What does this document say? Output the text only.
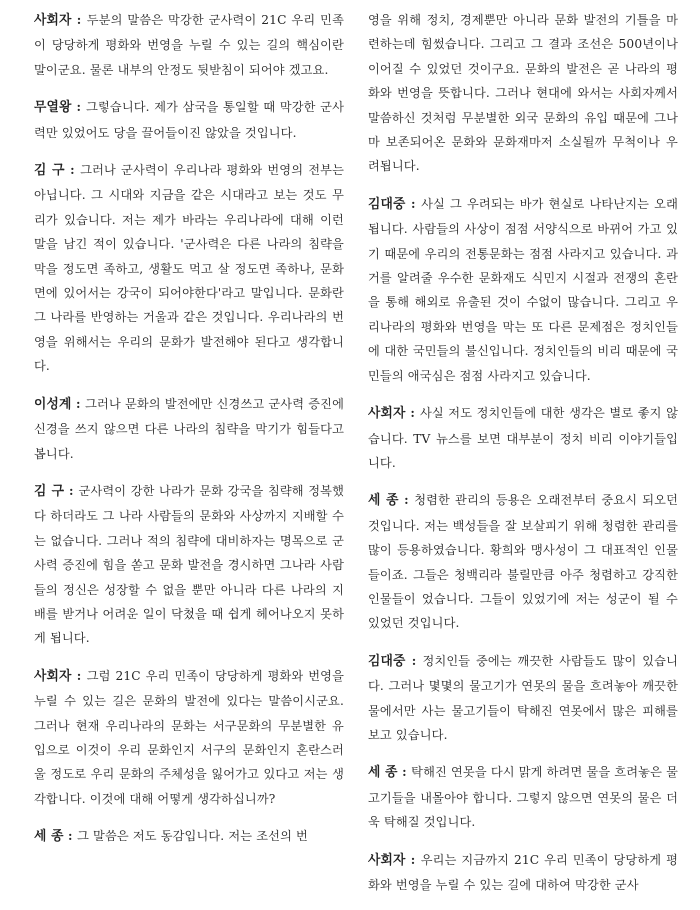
사회자 : 두분의 말씀은 막강한 군사력이 21C 우리 민족이 당당하게 평화와 번영을 누릴 수 있는 길의 핵심이란 말이군요. 물론 내부의 안정도 뒷받침이 되어야 겠고요.

무열왕 : 그렇습니다. 제가 삼국을 통일할 때 막강한 군사력만 있었어도 당을 끌어들이진 않았을 것입니다.

김 구 : 그러나 군사력이 우리나라 평화와 번영의 전부는 아닙니다. 그 시대와 지금을 같은 시대라고 보는 것도 무리가 있습니다. 저는 제가 바라는 우리나라에 대해 이런 말을 남긴 적이 있습니다. '군사력은 다른 나라의 침략을 막을 정도면 족하고, 생활도 먹고 살 정도면 족하나, 문화면에 있어서는 강국이 되어야한다'라고 말입니다. 문화란 그 나라를 반영하는 거울과 같은 것입니다. 우리나라의 번영을 위해서는 우리의 문화가 발전해야 된다고 생각합니다.

이성계 : 그러나 문화의 발전에만 신경쓰고 군사력 증진에 신경을 쓰지 않으면 다른 나라의 침략을 막기가 힘들다고 봅니다.

김 구 : 군사력이 강한 나라가 문화 강국을 침략해 정복했다 하더라도 그 나라 사람들의 문화와 사상까지 지배할 수는 없습니다. 그러나 적의 침략에 대비하자는 명목으로 군사력 증진에 힘을 쏟고 문화 발전을 경시하면 그나라 사람들의 정신은 성장할 수 없을 뿐만 아니라 다른 나라의 지배를 받거나 어려운 일이 닥쳤을 때 쉽게 헤어나오지 못하게 됩니다.

사회자 : 그럼 21C 우리 민족이 당당하게 평화와 번영을 누릴 수 있는 길은 문화의 발전에 있다는 말씀이시군요. 그러나 현재 우리나라의 문화는 서구문화의 무분별한 유입으로 이것이 우리 문화인지 서구의 문화인지 혼란스러울 정도로 우리 문화의 주체성을 잃어가고 있다고 저는 생각합니다. 이것에 대해 어떻게 생각하십니까?

세 종 : 그 말씀은 저도 동감입니다. 저는 조선의 번

영을 위해 정치, 경제뿐만 아니라 문화 발전의 기틀을 마련하는데 힘썼습니다. 그리고 그 결과 조선은 500년이나 이어질 수 있었던 것이구요. 문화의 발전은 곧 나라의 평화와 번영을 뜻합니다. 그러나 현대에 와서는 사회자께서 말씀하신 것처럼 무분별한 외국 문화의 유입 때문에 그나마 보존되어온 문화와 문화재마저 소실될까 무척이나 우려됩니다.

김대중 : 사실 그 우려되는 바가 현실로 나타난지는 오래됩니다. 사람들의 사상이 점점 서양식으로 바뀌어 가고 있기 때문에 우리의 전통문화는 점점 사라지고 있습니다. 과거를 알려줄 우수한 문화재도 식민지 시절과 전쟁의 혼란을 통해 해외로 유출된 것이 수없이 많습니다. 그리고 우리나라의 평화와 번영을 막는 또 다른 문제점은 정치인들에 대한 국민들의 불신입니다. 정치인들의 비리 때문에 국민들의 애국심은 점점 사라지고 있습니다.

사회자 : 사실 저도 정치인들에 대한 생각은 별로 좋지 않습니다. TV 뉴스를 보면 대부분이 정치 비리 이야기들입니다.

세 종 : 청렴한 관리의 등용은 오래전부터 중요시 되오던 것입니다. 저는 백성들을 잘 보살피기 위해 청렴한 관리를 많이 등용하였습니다. 황희와 맹사성이 그 대표적인 인물들이죠. 그들은 청백리라 불릴만큼 아주 청렴하고 강직한 인물들이 었습니다. 그들이 있었기에 저는 성군이 될 수 있었던 것입니다.

김대중 : 정치인들 중에는 깨끗한 사람들도 많이 있습니다. 그러나 몇몇의 물고기가 연못의 물을 흐려놓아 깨끗한 물에서만 사는 물고기들이 탁해진 연못에서 많은 피해를 보고 있습니다.

세 종 : 탁해진 연못을 다시 맑게 하려면 물을 흐려놓은 물고기들을 내몰아야 합니다. 그렇지 않으면 연못의 물은 더욱 탁해질 것입니다.

사회자 : 우리는 지금까지 21C 우리 민족이 당당하게 평화와 번영을 누릴 수 있는 길에 대하여 막강한 군사
